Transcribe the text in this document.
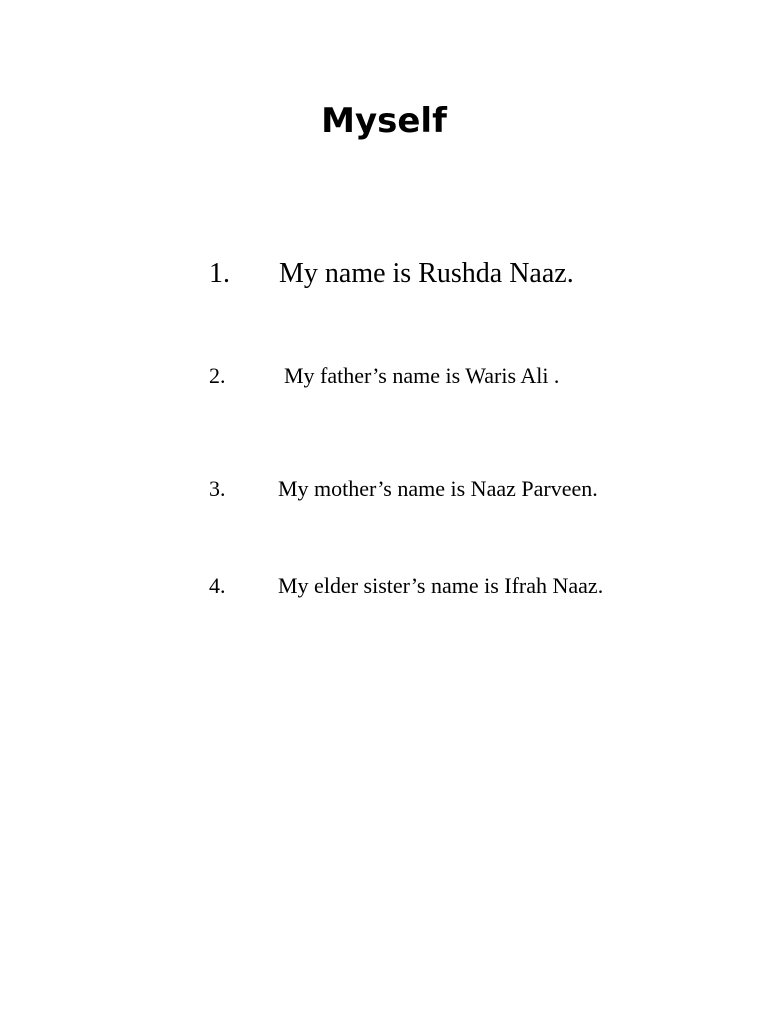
Myself
1. My name is Rushda Naaz.
2.	My father’s name is Waris Ali .
3. My mother’s name is Naaz Parveen.
4. My elder sister’s name is Ifrah Naaz.
